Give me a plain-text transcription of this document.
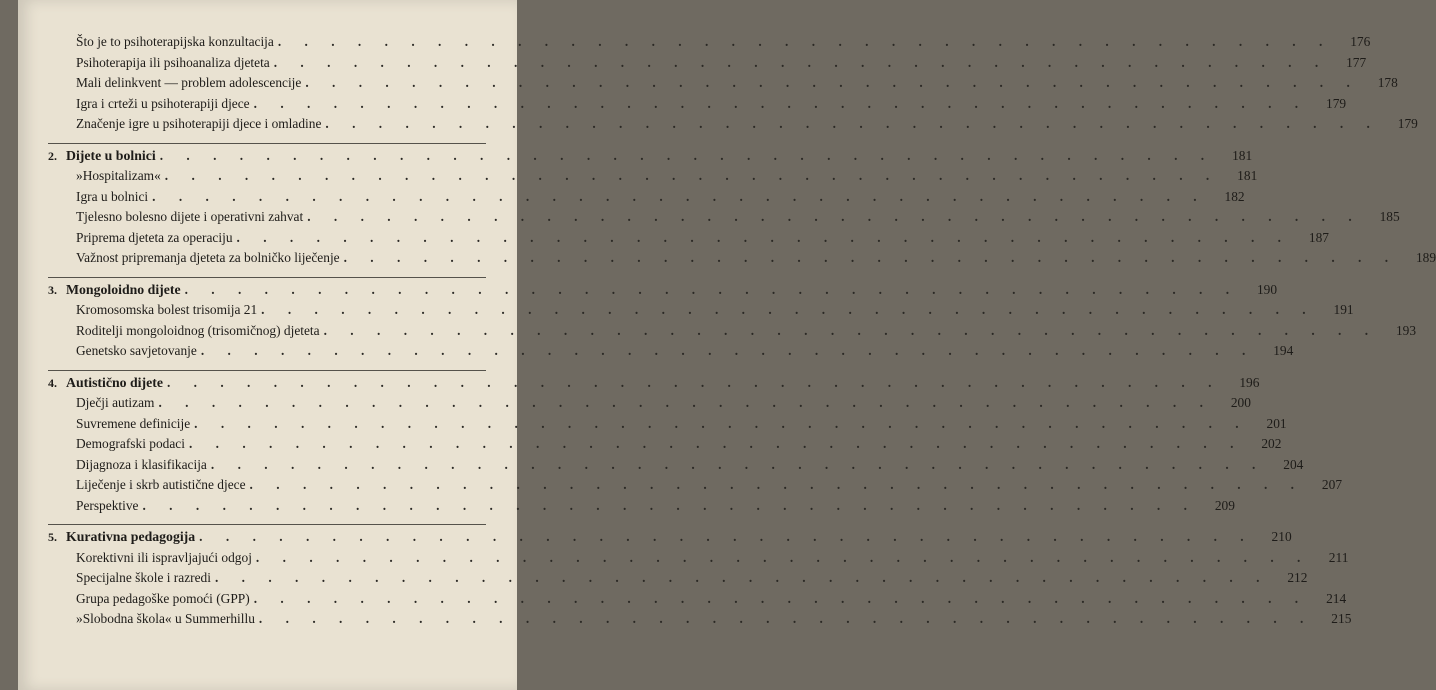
Što je to psihoterapijska konzultacija . . . . . . . . . . . . . . . . . . . . . . . . . . . . . . . . . . . . . . . .	176
Psihoterapija ili psihoanaliza djeteta . . . . . . . . . . . . . . . . . . . . . . . . . . . . . . . . . . . . . . . .	177
Mali delinkvent — problem adolescencije . . . . . . . . . . . . . . . . . . . . . . . . . . . . . . . . . . . . . . . .	178
Igra i crteži u psihoterapiji djece . . . . . . . . . . . . . . . . . . . . . . . . . . . . . . . . . . . . . . . .	179
Značenje igre u psihoterapiji djece i omladine . . . . . . . . . . . . . . . . . . . . . . . . . . . . . . . . . . . . . . . .	179
2. Dijete u bolnici . . . . . . . . . . . . . . . . . . . . . . . . . . . . . . . . . . . . . . . .	181
»Hospitalizam« . . . . . . . . . . . . . . . . . . . . . . . . . . . . . . . . . . . . . . . .	181
Igra u bolnici . . . . . . . . . . . . . . . . . . . . . . . . . . . . . . . . . . . . . . . .	182
Tjelesno bolesno dijete i operativni zahvat . . . . . . . . . . . . . . . . . . . . . . . . . . . . . . . . . . . . . . . .	185
Priprema djeteta za operaciju . . . . . . . . . . . . . . . . . . . . . . . . . . . . . . . . . . . . . . . .	187
Važnost pripremanja djeteta za bolničko liječenje . . . . . . . . . . . . . . . . . . . . . . . . . . . . . . . . . . . . . . . .	189
3. Mongoloidno dijete . . . . . . . . . . . . . . . . . . . . . . . . . . . . . . . . . . . . . . . .	190
Kromosomska bolest trisomija 21 . . . . . . . . . . . . . . . . . . . . . . . . . . . . . . . . . . . . . . . .	191
Roditelji mongoloidnog (trisomičnog) djeteta . . . . . . . . . . . . . . . . . . . . . . . . . . . . . . . . . . . . . . . .	193
Genetsko savjetovanje . . . . . . . . . . . . . . . . . . . . . . . . . . . . . . . . . . . . . . . .	194
4. Autistično dijete . . . . . . . . . . . . . . . . . . . . . . . . . . . . . . . . . . . . . . . .	196
Dječji autizam . . . . . . . . . . . . . . . . . . . . . . . . . . . . . . . . . . . . . . . .	200
Suvremene definicije . . . . . . . . . . . . . . . . . . . . . . . . . . . . . . . . . . . . . . . .	201
Demografski podaci . . . . . . . . . . . . . . . . . . . . . . . . . . . . . . . . . . . . . . . .	202
Dijagnoza i klasifikacija . . . . . . . . . . . . . . . . . . . . . . . . . . . . . . . . . . . . . . . .	204
Liječenje i skrb autistične djece . . . . . . . . . . . . . . . . . . . . . . . . . . . . . . . . . . . . . . . .	207
Perspektive . . . . . . . . . . . . . . . . . . . . . . . . . . . . . . . . . . . . . . . .	209
5. Kurativna pedagogija . . . . . . . . . . . . . . . . . . . . . . . . . . . . . . . . . . . . . . . .	210
Korektivni ili ispravljajući odgoj . . . . . . . . . . . . . . . . . . . . . . . . . . . . . . . . . . . . . . . .	211
Specijalne škole i razredi . . . . . . . . . . . . . . . . . . . . . . . . . . . . . . . . . . . . . . . .	212
Grupa pedagoške pomoći (GPP) . . . . . . . . . . . . . . . . . . . . . . . . . . . . . . . . . . . . . . . .	214
»Slobodna škola« u Summerhillu . . . . . . . . . . . . . . . . . . . . . . . . . . . . . . . . . . . . . . . .	215
